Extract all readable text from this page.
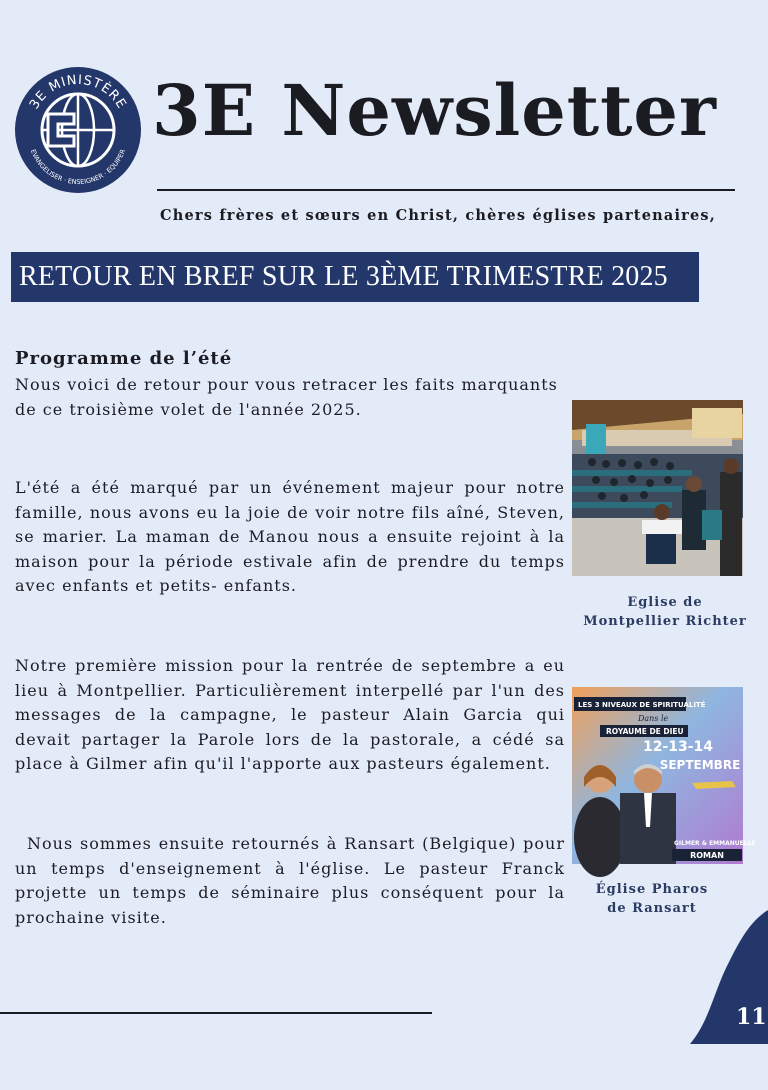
3E MINISTÈRE
EVANGELISER · ENSEIGNER · EQUIPER 3E Newsletter
Chers frères et sœurs en Christ, chères églises partenaires,
RETOUR EN BREF SUR LE 3ÈME TRIMESTRE 2025
Programme de l’été
Nous voici de retour pour vous retracer les faits marquants de ce troisième volet de l'année 2025.
L'été a été marqué par un événement majeur pour notre famille, nous avons eu la joie de voir notre fils aîné, Steven, se marier. La maman de Manou nous a ensuite rejoint à la maison pour la période estivale afin de prendre du temps avec enfants et petits- enfants.
Notre première mission pour la rentrée de septembre a eu lieu à Montpellier. Particulièrement interpellé par l'un des messages de la campagne, le pasteur Alain Garcia qui devait partager la Parole lors de la pastorale, a cédé sa place à Gilmer afin qu'il l'apporte aux pasteurs également.
Nous sommes ensuite retournés à Ransart (Belgique) pour un temps d'enseignement à l'église. Le pasteur Franck projette un temps de séminaire plus conséquent pour la prochaine visite.
Eglise de
Montpellier Richter
LES 3 NIVEAUX DE SPIRITUALITÉ
Dans le
ROYAUME DE DIEU
12-13-14
SEPTEMBRE
GILMER & EMMANUELLE
ROMAN
Église Pharos
de Ransart
11
